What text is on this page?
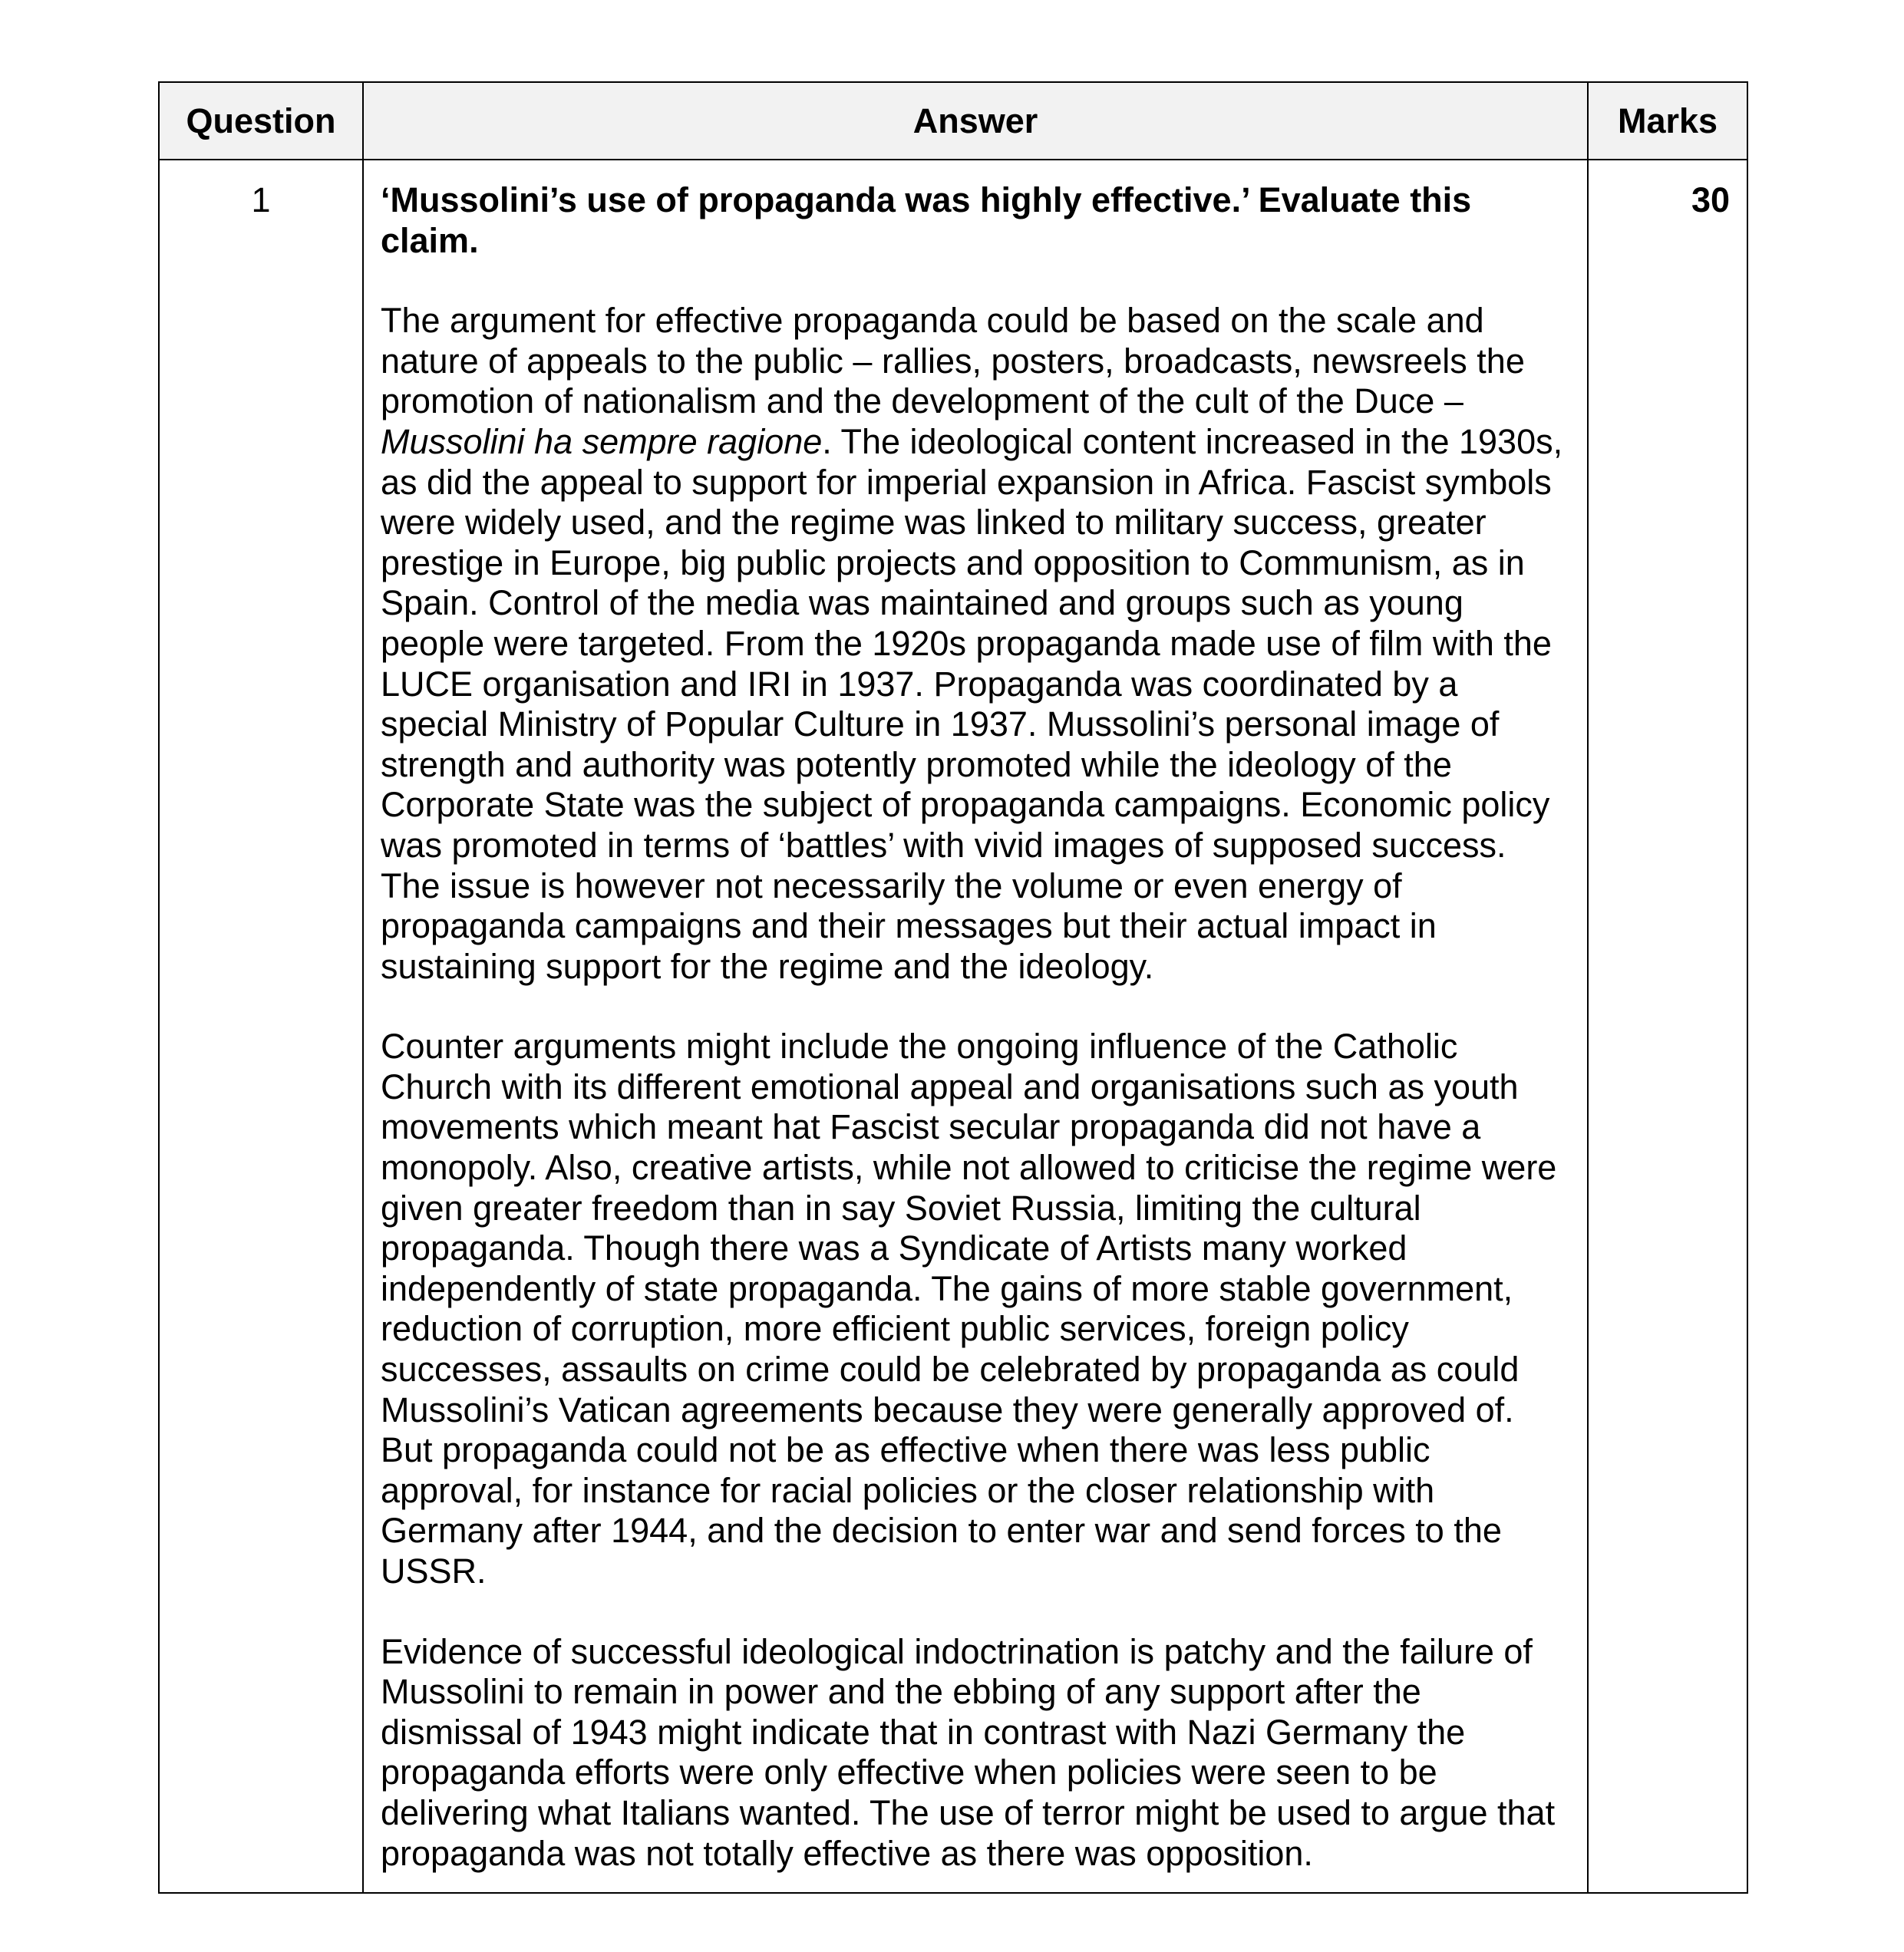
Question	Answer	Marks
1	‘Mussolini’s use of propaganda was highly effective.’ Evaluate this claim.
The argument for effective propaganda could be based on the scale and nature of appeals to the public – rallies, posters, broadcasts, newsreels the promotion of nationalism and the development of the cult of the Duce – Mussolini ha sempre ragione. The ideological content increased in the 1930s, as did the appeal to support for imperial expansion in Africa. Fascist symbols were widely used, and the regime was linked to military success, greater prestige in Europe, big public projects and opposition to Communism, as in Spain. Control of the media was maintained and groups such as young people were targeted. From the 1920s propaganda made use of film with the LUCE organisation and IRI in 1937. Propaganda was coordinated by a special Ministry of Popular Culture in 1937. Mussolini’s personal image of strength and authority was potently promoted while the ideology of the Corporate State was the subject of propaganda campaigns. Economic policy was promoted in terms of ‘battles’ with vivid images of supposed success. The issue is however not necessarily the volume or even energy of propaganda campaigns and their messages but their actual impact in sustaining support for the regime and the ideology.
Counter arguments might include the ongoing influence of the Catholic Church with its different emotional appeal and organisations such as youth movements which meant hat Fascist secular propaganda did not have a monopoly. Also, creative artists, while not allowed to criticise the regime were given greater freedom than in say Soviet Russia, limiting the cultural propaganda. Though there was a Syndicate of Artists many worked independently of state propaganda. The gains of more stable government, reduction of corruption, more efficient public services, foreign policy successes, assaults on crime could be celebrated by propaganda as could Mussolini’s Vatican agreements because they were generally approved of. But propaganda could not be as effective when there was less public approval, for instance for racial policies or the closer relationship with Germany after 1944, and the decision to enter war and send forces to the USSR.
Evidence of successful ideological indoctrination is patchy and the failure of Mussolini to remain in power and the ebbing of any support after the dismissal of 1943 might indicate that in contrast with Nazi Germany the propaganda efforts were only effective when policies were seen to be delivering what Italians wanted. The use of terror might be used to argue that propaganda was not totally effective as there was opposition.	30
